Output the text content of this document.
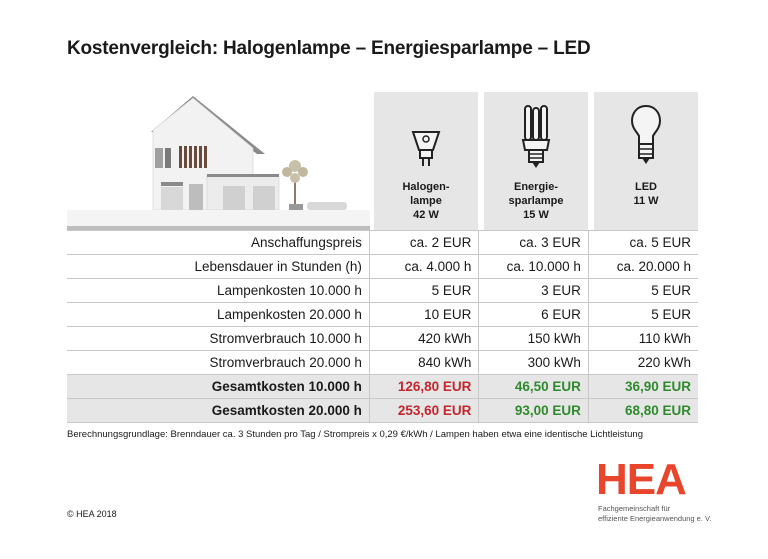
Kostenvergleich: Halogenlampe – Energiesparlampe – LED
Halogen-
lampe
42 W
Energie-
sparlampe
15 W
LED
11 W
Anschaffungspreis	ca. 2 EUR	ca. 3 EUR	ca. 5 EUR
Lebensdauer in Stunden (h)	ca. 4.000 h	ca. 10.000 h	ca. 20.000 h
Lampenkosten 10.000 h	5 EUR	3 EUR	5 EUR
Lampenkosten 20.000 h	10 EUR	6 EUR	5 EUR
Stromverbrauch 10.000 h	420 kWh	150 kWh	110 kWh
Stromverbrauch 20.000 h	840 kWh	300 kWh	220 kWh
Gesamtkosten 10.000 h	126,80 EUR	46,50 EUR	36,90 EUR
Gesamtkosten 20.000 h	253,60 EUR	93,00 EUR	68,80 EUR
Berechnungsgrundlage: Brenndauer ca. 3 Stunden pro Tag / Strompreis x 0,29 €/kWh / Lampen haben etwa eine identische Lichtleistung
© HEA 2018
HEA
Fachgemeinschaft für
effiziente Energieanwendung e. V.
